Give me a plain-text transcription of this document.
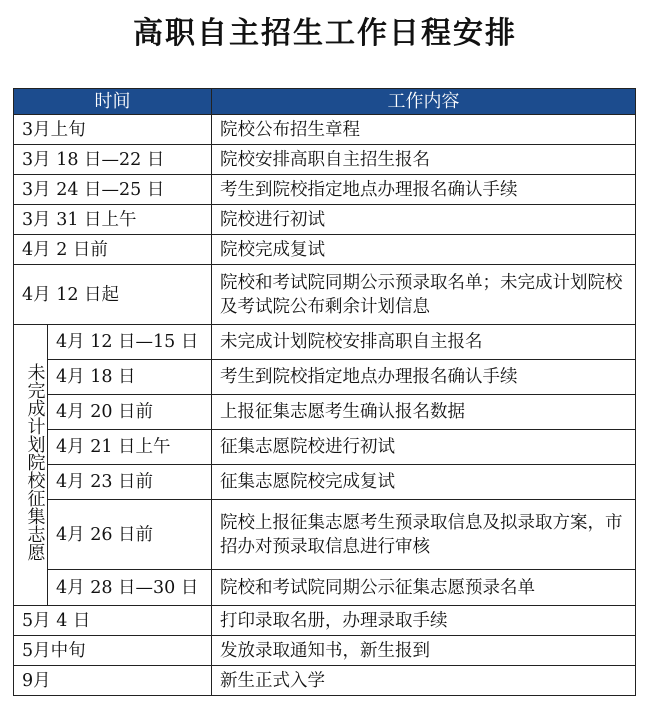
高职自主招生工作日程安排
时间		工作内容
3月上旬		院校公布招生章程
3月 18 日—22 日		院校安排高职自主招生报名
3月 24 日—25 日		考生到院校指定地点办理报名确认手续
3月 31 日上午		院校进行初试
4月 2 日前		院校完成复试
4月 12 日起		院校和考试院同期公示预录取名单；未完成计划院校及考试院公布剩余计划信息
未完成计划院校征集志愿	4月 12 日—15 日	未完成计划院校安排高职自主报名
	4月 18 日	考生到院校指定地点办理报名确认手续
	4月 20 日前	上报征集志愿考生确认报名数据
	4月 21 日上午	征集志愿院校进行初试
	4月 23 日前	征集志愿院校完成复试
	4月 26 日前	院校上报征集志愿考生预录取信息及拟录取方案，市招办对预录取信息进行审核
	4月 28 日—30 日	院校和考试院同期公示征集志愿预录名单
5月 4 日		打印录取名册，办理录取手续
5月中旬		发放录取通知书，新生报到
9月		新生正式入学
